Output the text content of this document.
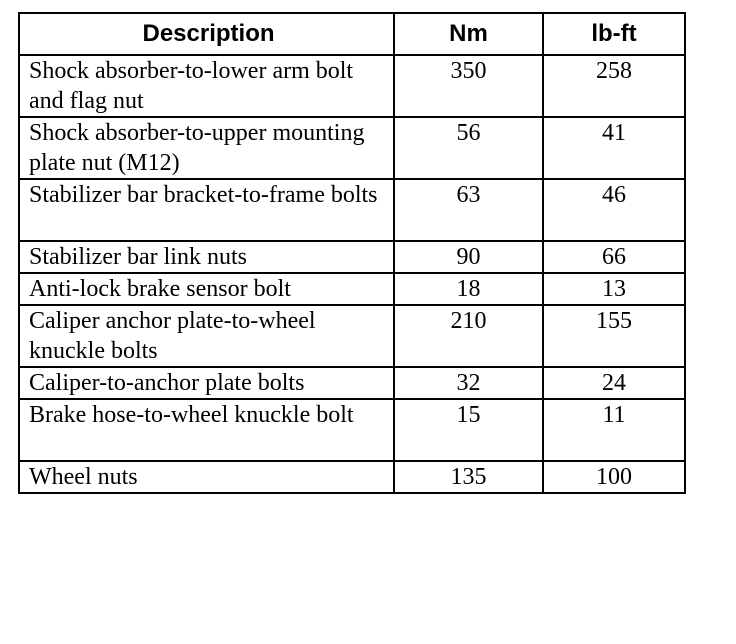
Description	Nm	lb-ft
Shock absorber-to-lower arm bolt and flag nut	350	258
Shock absorber-to-upper mounting plate nut (M12)	56	41
Stabilizer bar bracket-to-frame bolts	63	46
Stabilizer bar link nuts	90	66
Anti-lock brake sensor bolt	18	13
Caliper anchor plate-to-wheel knuckle bolts	210	155
Caliper-to-anchor plate bolts	32	24
Brake hose-to-wheel knuckle bolt	15	11
Wheel nuts	135	100
